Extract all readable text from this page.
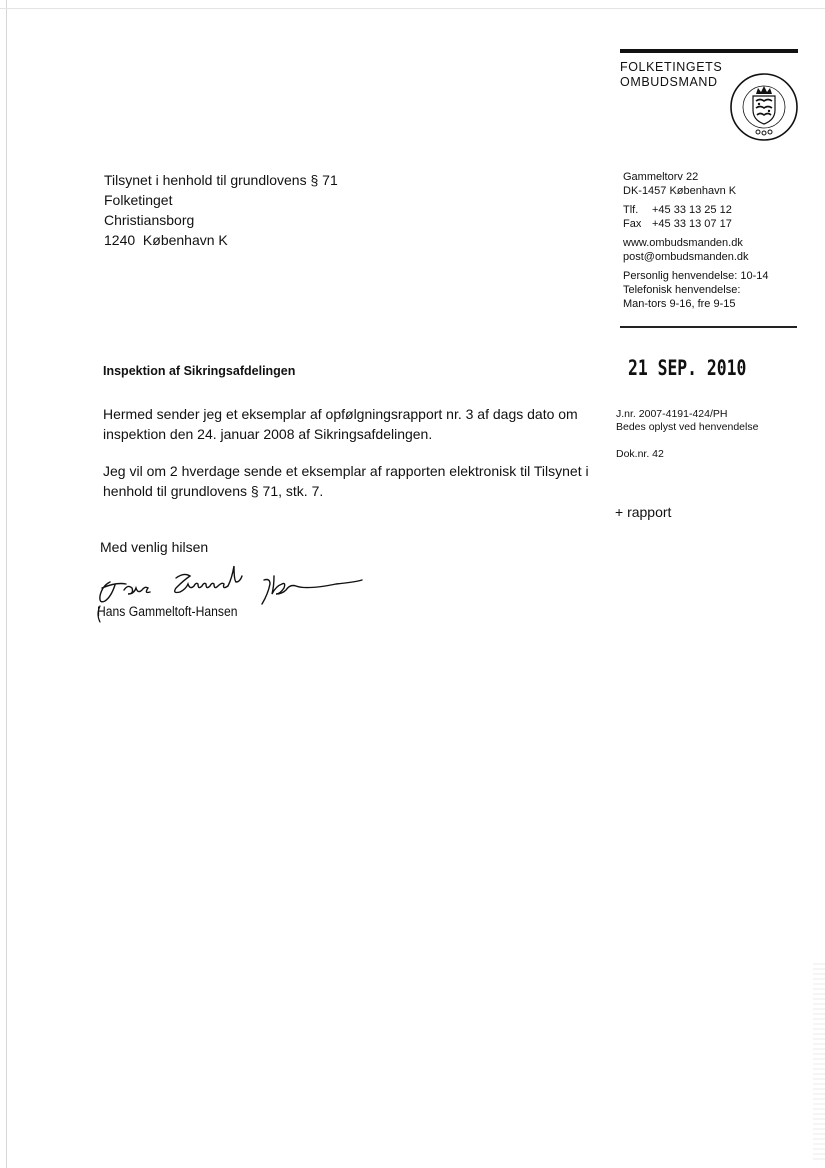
FOLKETINGETS
OMBUDSMAND
Gammeltorv 22
DK-1457 København K
Tlf. +45 33 13 25 12
Fax +45 33 13 07 17
www.ombudsmanden.dk
post@ombudsmanden.dk
Personlig henvendelse: 10-14
Telefonisk henvendelse:
Man-tors 9-16, fre 9-15
Tilsynet i henhold til grundlovens § 71
Folketinget
Christiansborg
1240  København K
21 SEP. 2010
Inspektion af Sikringsafdelingen

Hermed sender jeg et eksemplar af opfølgningsrapport nr. 3 af dags dato om inspektion den 24. januar 2008 af Sikringsafdelingen.

Jeg vil om 2 hverdage sende et eksemplar af rapporten elektronisk til Tilsynet i henhold til grundlovens § 71, stk. 7.

J.nr. 2007-4191-424/PH
Bedes oplyst ved henvendelse
Dok.nr. 42
+ rapport
Med venlig hilsen
Hans Gammeltoft-Hansen
